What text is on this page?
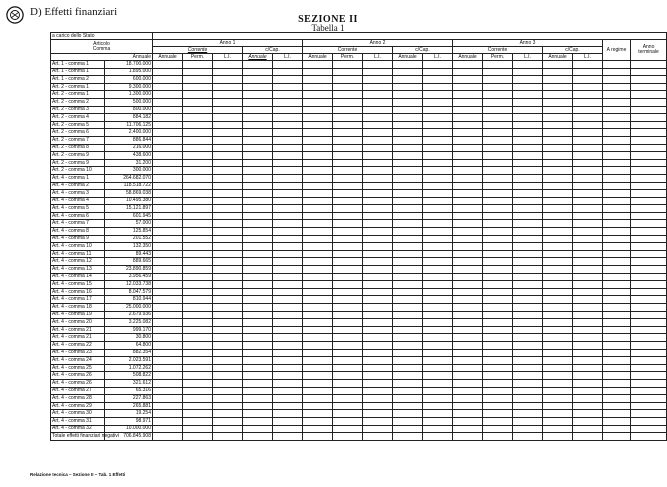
D) Effetti finanziari
SEZIONE II
Tabella 1
a carico dello Stato																		

Articolo
Comma		Anno 1					Anno 2					Anno 3					A regime	Anno terminale
		Corrente			c/Cap.		Corrente			c/Cap.		Corrente			c/Cap.			
Annuale		Annuale	Perm.	L.I.	Annuale	L.I.	Annuale	Perm.	L.I.	Annuale	L.I.	Annuale	Perm.	L.I.	Annuale	L.I.		
Art. 1 - comma 1	18.700.000																	
Art. 1 - comma 1	1.895.000																	
Art. 1 - comma 2	600.000																	
Art. 2 - comma 1	9.300.000																	
Art. 2 - comma 1	1.300.000																	
Art. 2 - comma 2	500.000																	
Art. 2 - comma 3	800.000																	
Art. 2 - comma 4	884.182																	
Art. 2 - comma 5	11.706.125																	
Art. 2 - comma 6	2.400.000																	
Art. 2 - comma 7	886.844																	
Art. 2 - comma 8	216.000																	
Art. 2 - comma 9	438.600																	
Art. 2 - comma 9	31.200																	
Art. 2 - comma 10	300.000																	
Art. 4 - comma 1	264.682.070																	
Art. 4 - comma 2	118.518.722																	
Art. 4 - comma 3	58.869.038																	
Art. 4 - comma 4	10.495.380																	
Art. 4 - comma 5	15.121.897																	
Art. 4 - comma 6	601.945																	
Art. 4 - comma 7	57.000																	
Art. 4 - comma 8	125.854																	
Art. 4 - comma 9	201.552																	
Art. 4 - comma 10	132.350																	
Art. 4 - comma 11	89.443																	
Art. 4 - comma 12	889.665																	
Art. 4 - comma 13	23.890.859																	
Art. 4 - comma 14	3.956.459																	
Art. 4 - comma 15	12.033.738																	
Art. 4 - comma 16	8.047.579																	
Art. 4 - comma 17	810.944																	
Art. 4 - comma 18	25.000.000																	
Art. 4 - comma 19	2.679.936																	
Art. 4 - comma 20	3.225.082																	
Art. 4 - comma 21	999.170																	
Art. 4 - comma 21	30.800																	
Art. 4 - comma 22	64.800																	
Art. 4 - comma 23	882.354																	
Art. 4 - comma 24	2.023.591																	
Art. 4 - comma 25	1.072.262																	
Art. 4 - comma 26	508.822																	
Art. 4 - comma 26	321.612																	
Art. 4 - comma 27	65.316																	
Art. 4 - comma 28	227.863																	
Art. 4 - comma 29	265.881																	
Art. 4 - comma 30	19.254																	
Art. 4 - comma 31	98.971																	
Art. 4 - comma 32	10.000.000																	
Totale effetti finanziari negativi	706.845.908																	
Relazione tecnica – Sezione II – Tab. 1 Effetti
